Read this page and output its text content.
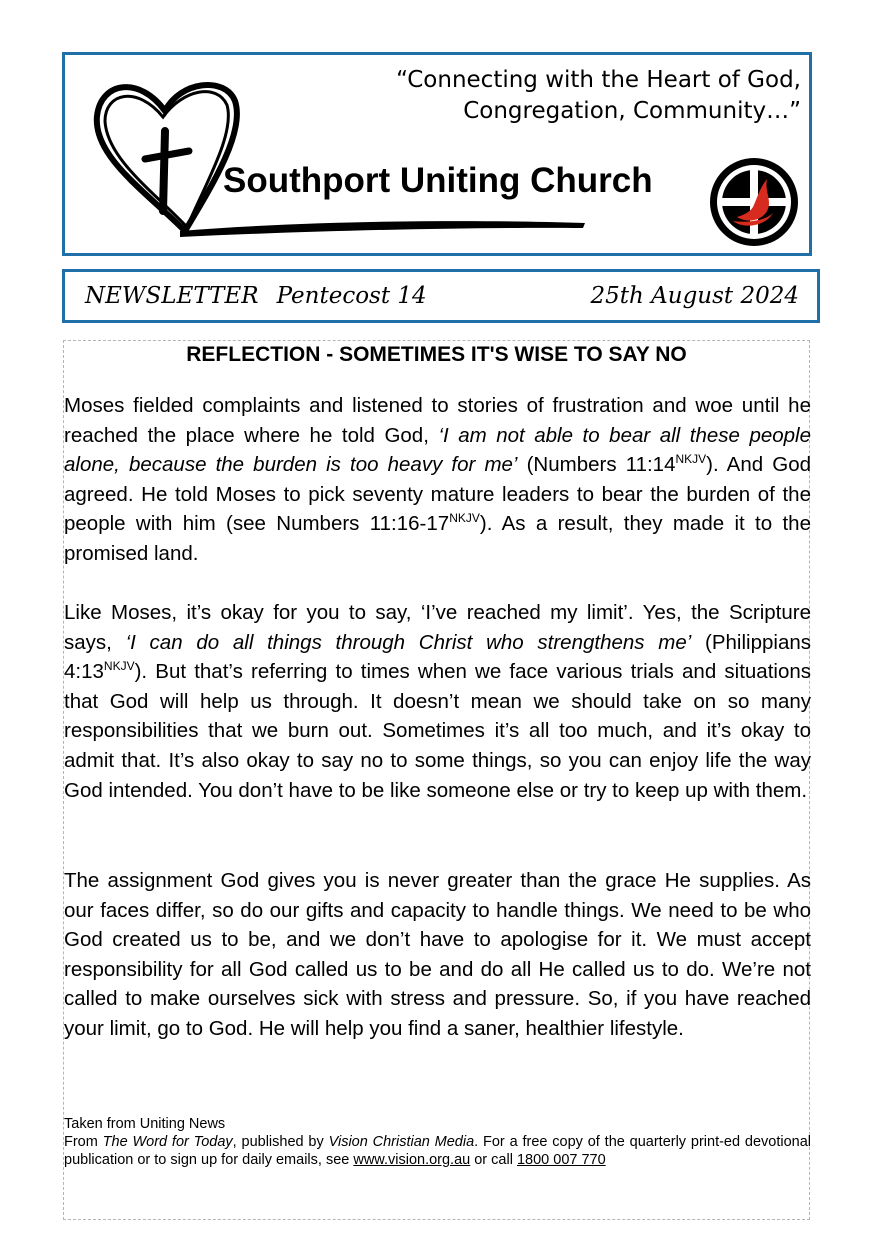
“Connecting with the Heart of God,
Congregation, Community…”
Southport Uniting Church
NEWSLETTER Pentecost 14	25th August 2024
REFLECTION - SOMETIMES IT'S WISE TO SAY NO

Moses fielded complaints and listened to stories of frustration and woe until he reached the place where he told God, ‘I am not able to bear all these people alone, because the burden is too heavy for me’ (Numbers $11:14^{NKJV}$). And God agreed. He told Moses to pick seventy mature leaders to bear the burden of the people with him (see Numbers $11:16-17^{NKJV}$). As a result, they made it to the promised land.

Like Moses, it’s okay for you to say, ‘I’ve reached my limit’. Yes, the Scripture says, ‘I can do all things through Christ who strengthens me’ (Philippians $4:13^{NKJV}$). But that’s referring to times when we face various trials and situations that God will help us through. It doesn’t mean we should take on so many responsibilities that we burn out. Sometimes it’s all too much, and it’s okay to admit that. It’s also okay to say no to some things, so you can enjoy life the way God intended. You don’t have to be like someone else or try to keep up with them.

The assignment God gives you is never greater than the grace He supplies. As our faces differ, so do our gifts and capacity to handle things. We need to be who God created us to be, and we don’t have to apologise for it. We must accept responsibility for all God called us to be and do all He called us to do. We’re not called to make ourselves sick with stress and pressure. So, if you have reached your limit, go to God. He will help you find a saner, healthier lifestyle.

Taken from Uniting News
From The Word for Today, published by Vision Christian Media. For a free copy of the quarterly print-ed devotional publication or to sign up for daily emails, see www.vision.org.au or call 1800 007 770
